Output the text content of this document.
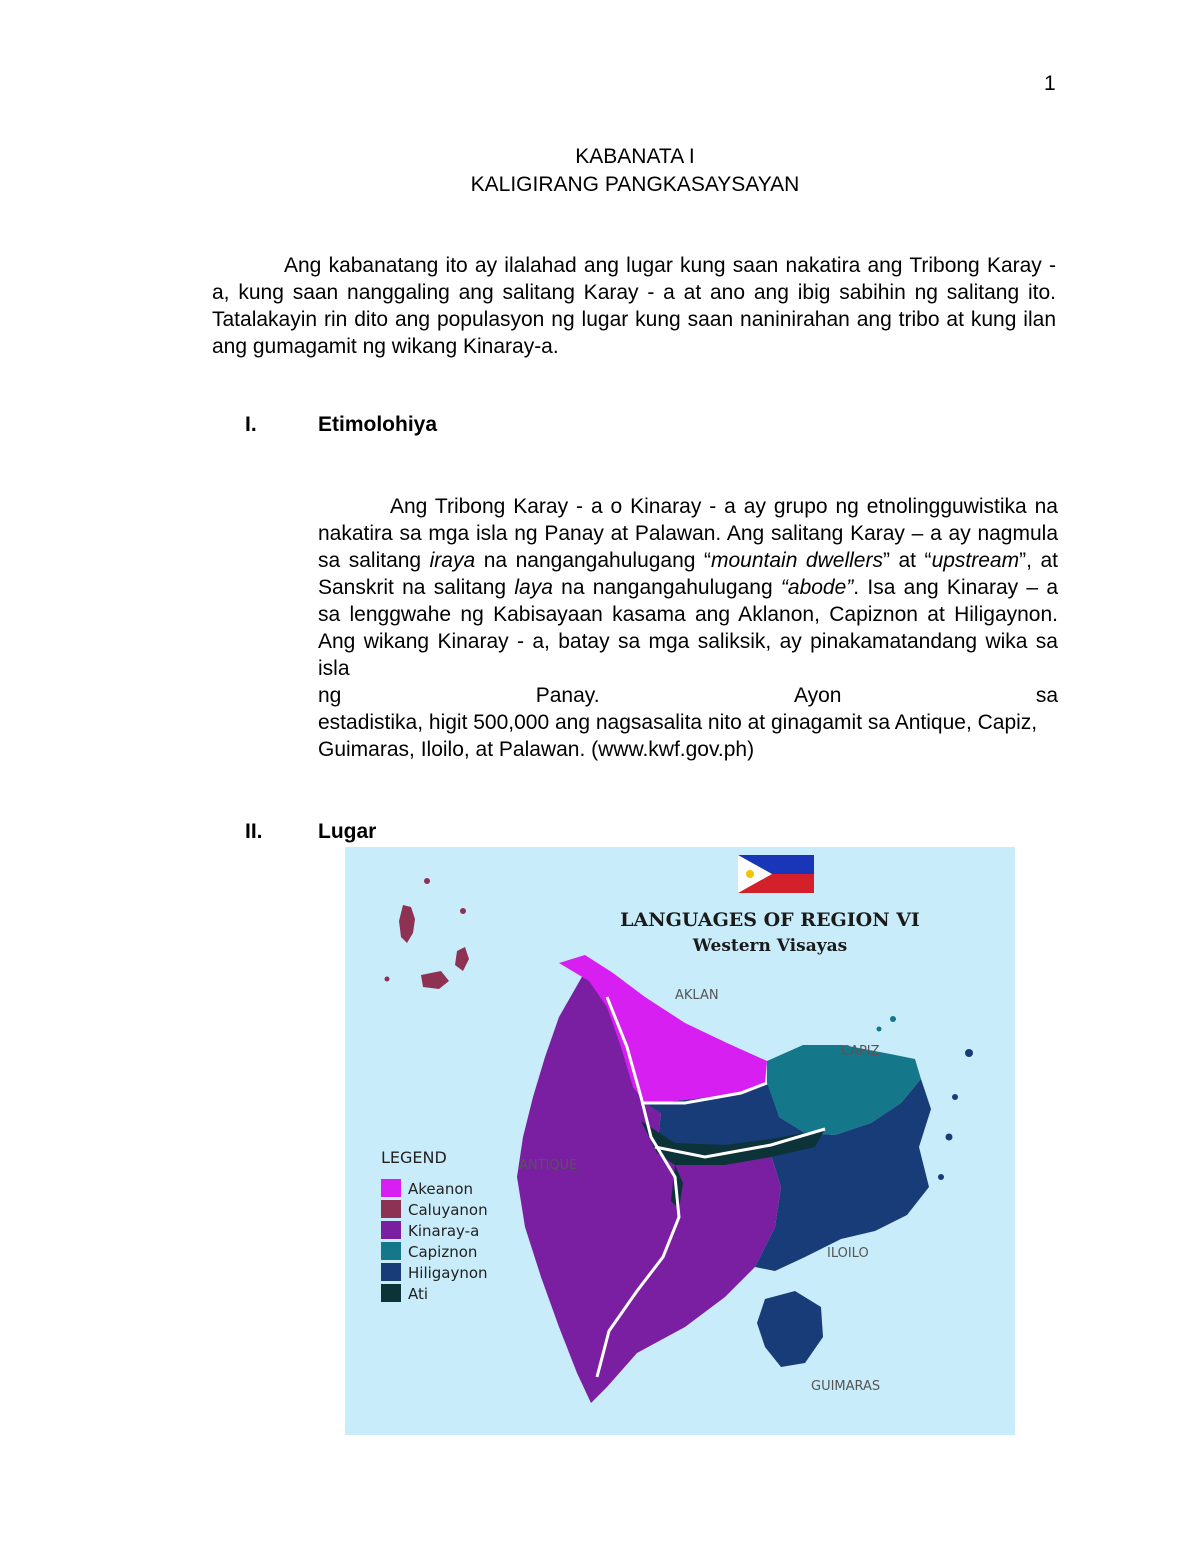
1
KABANATA I
KALIGIRANG PANGKASAYSAYAN
Ang kabanatang ito ay ilalahad ang lugar kung saan nakatira ang Tribong Karay - a, kung saan nanggaling ang salitang Karay - a at ano ang ibig sabihin ng salitang ito. Tatalakayin rin dito ang populasyon ng lugar kung saan naninirahan ang tribo at kung ilan ang gumagamit ng wikang Kinaray-a.
I.	Etimolohiya
Ang Tribong Karay - a o Kinaray - a ay grupo ng etnolingguwistika na nakatira sa mga isla ng Panay at Palawan. Ang salitang Karay – a ay nagmula sa salitang iraya na nangangahulugang “mountain dwellers” at “upstream”, at Sanskrit na salitang laya na nangangahulugang “abode”. Isa ang Kinaray – a sa lenggwahe ng Kabisayaan kasama ang Aklanon, Capiznon at Hiligaynon. Ang wikang Kinaray - a, batay sa mga saliksik, ay pinakamatandang wika sa isla
ng	Panay.	Ayon	sa
estadistika, higit 500,000 ang nagsasalita nito at ginagamit sa Antique, Capiz, Guimaras, Iloilo, at Palawan. (www.kwf.gov.ph)
II.	Lugar
LANGUAGES OF REGION VI
Western Visayas
AKLAN
CAPIZ
ANTIQUE
ILOILO
GUIMARAS
LEGEND
Akeanon
Caluyanon
Kinaray-a
Capiznon
Hiligaynon
Ati
